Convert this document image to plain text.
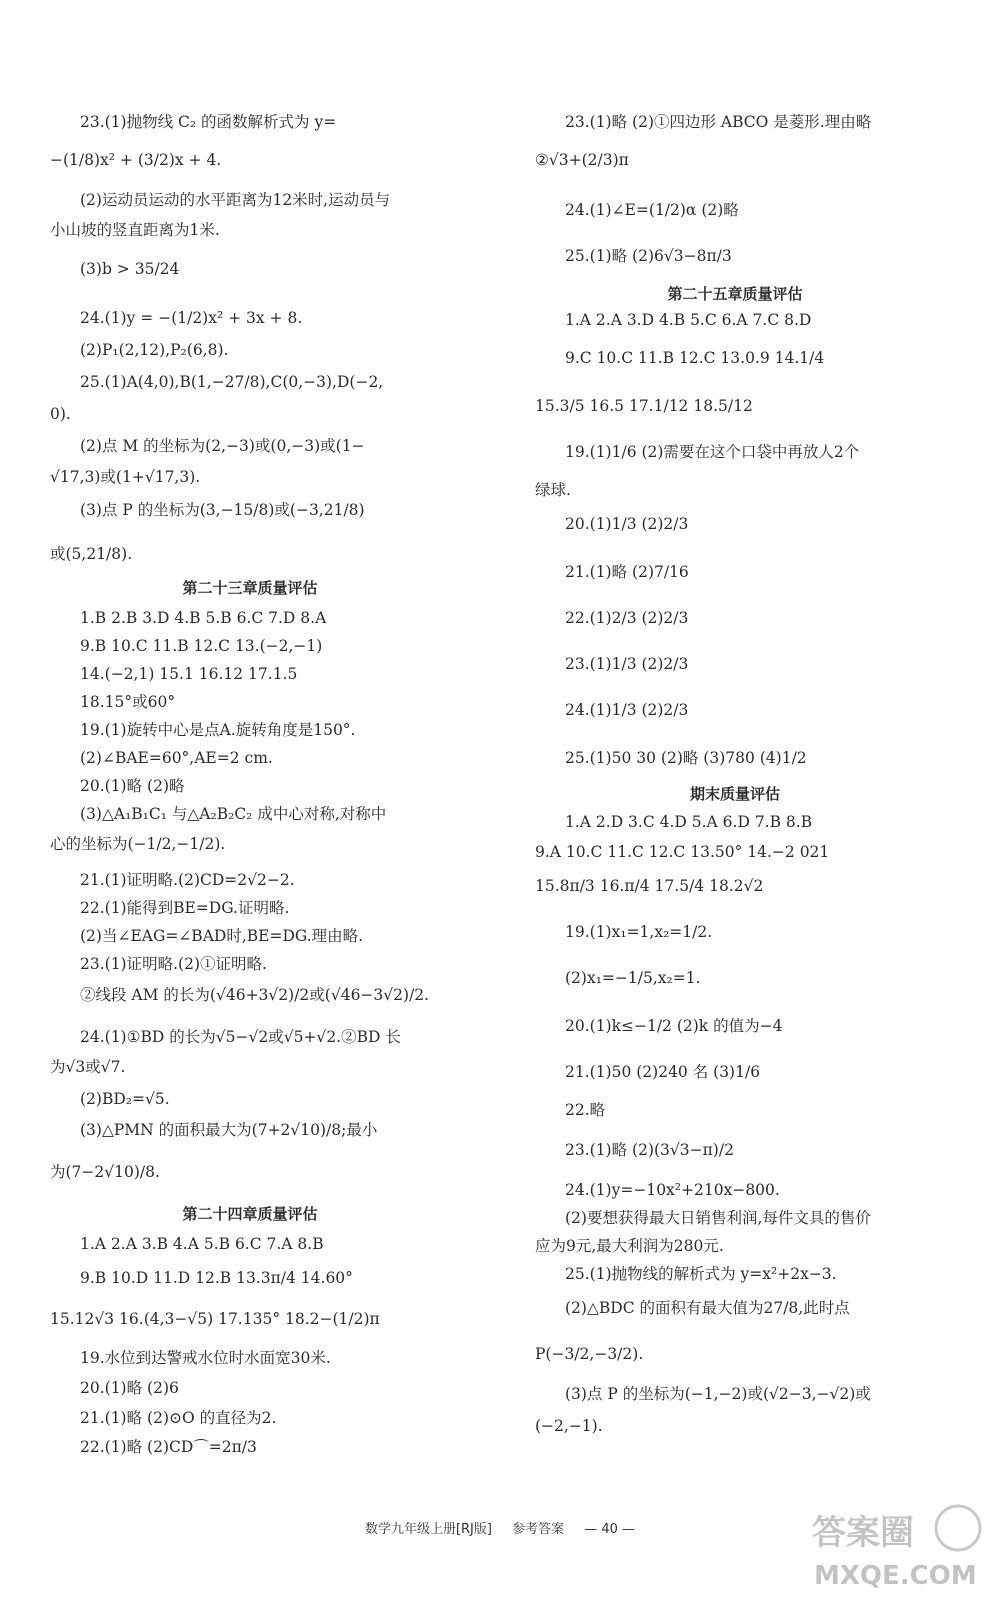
23.(1)抛物线 C₂ 的函数解析式为 y=
−(1/8)x² + (3/2)x + 4.
(2)运动员运动的水平距离为12米时,运动员与
小山坡的竖直距离为1米.
(3)b > 35/24
24.(1)y = −(1/2)x² + 3x + 8.
(2)P₁(2,12),P₂(6,8).
25.(1)A(4,0),B(1,−27/8),C(0,−3),D(−2,
0).
(2)点 M 的坐标为(2,−3)或(0,−3)或(1−
√17,3)或(1+√17,3).
(3)点 P 的坐标为(3,−15/8)或(−3,21/8)
或(5,21/8).
第二十三章质量评估
1.B 2.B 3.D 4.B 5.B 6.C 7.D 8.A
9.B 10.C 11.B 12.C 13.(−2,−1)
14.(−2,1) 15.1 16.12 17.1.5
18.15°或60°
19.(1)旋转中心是点A.旋转角度是150°.
(2)∠BAE=60°,AE=2 cm.
20.(1)略 (2)略
(3)△A₁B₁C₁ 与△A₂B₂C₂ 成中心对称,对称中
心的坐标为(−1/2,−1/2).
21.(1)证明略.(2)CD=2√2−2.
22.(1)能得到BE=DG.证明略.
(2)当∠EAG=∠BAD时,BE=DG.理由略.
23.(1)证明略.(2)①证明略.
②线段 AM 的长为(√46+3√2)/2或(√46−3√2)/2.
24.(1)①BD 的长为√5−√2或√5+√2.②BD 长
为√3或√7.
(2)BD₂=√5.
(3)△PMN 的面积最大为(7+2√10)/8;最小
为(7−2√10)/8.
第二十四章质量评估
1.A 2.A 3.B 4.A 5.B 6.C 7.A 8.B
9.B 10.D 11.D 12.B 13.3π/4 14.60°
15.12√3 16.(4,3−√5) 17.135° 18.2−(1/2)π
19.水位到达警戒水位时水面宽30米.
20.(1)略 (2)6
21.(1)略 (2)⊙O 的直径为2.
22.(1)略 (2)CD⌒=2π/3
23.(1)略 (2)①四边形 ABCO 是菱形.理由略
②√3+(2/3)π
24.(1)∠E=(1/2)α (2)略
25.(1)略 (2)6√3−8π/3
第二十五章质量评估
1.A 2.A 3.D 4.B 5.C 6.A 7.C 8.D
9.C 10.C 11.B 12.C 13.0.9 14.1/4
15.3/5 16.5 17.1/12 18.5/12
19.(1)1/6 (2)需要在这个口袋中再放人2个
绿球.
20.(1)1/3 (2)2/3
21.(1)略 (2)7/16
22.(1)2/3 (2)2/3
23.(1)1/3 (2)2/3
24.(1)1/3 (2)2/3
25.(1)50 30 (2)略 (3)780 (4)1/2
期末质量评估
1.A 2.D 3.C 4.D 5.A 6.D 7.B 8.B
9.A 10.C 11.C 12.C 13.50° 14.−2 021
15.8π/3 16.π/4 17.5/4 18.2√2
19.(1)x₁=1,x₂=1/2.
(2)x₁=−1/5,x₂=1.
20.(1)k≤−1/2 (2)k 的值为−4
21.(1)50 (2)240 名 (3)1/6
22.略
23.(1)略 (2)(3√3−π)/2
24.(1)y=−10x²+210x−800.
(2)要想获得最大日销售利润,每件文具的售价
应为9元,最大利润为280元.
25.(1)抛物线的解析式为 y=x²+2x−3.
(2)△BDC 的面积有最大值为27/8,此时点
P(−3/2,−3/2).
(3)点 P 的坐标为(−1,−2)或(√2−3,−√2)或
(−2,−1).
数学九年级上册[RJ版] 参考答案 — 40 —	答案圈
MXQE.COM
